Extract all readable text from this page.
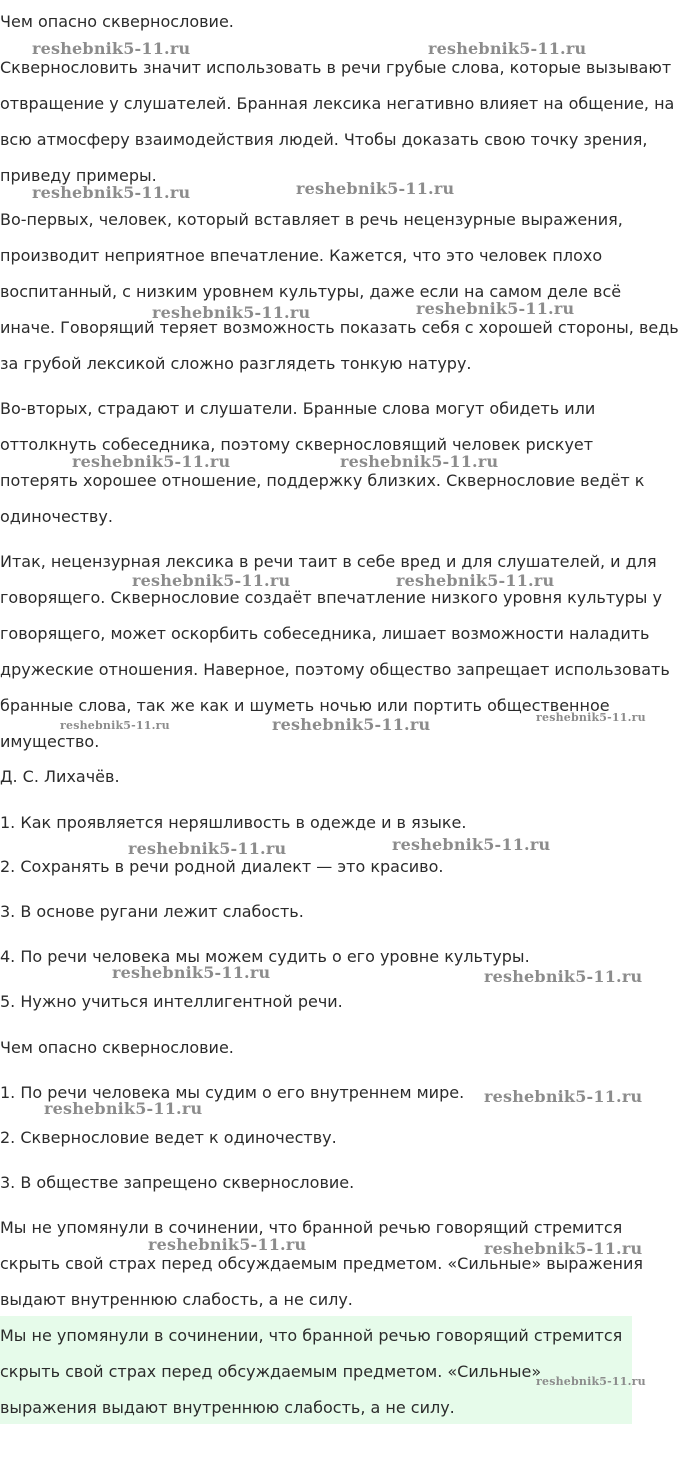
Чем опасно сквернословие.
Сквернословить значит использовать в речи грубые слова, которые вызывают
отвращение у слушателей. Бранная лексика негативно влияет на общение, на
всю атмосферу взаимодействия людей. Чтобы доказать свою точку зрения,
приведу примеры.
Во-первых, человек, который вставляет в речь нецензурные выражения,
производит неприятное впечатление. Кажется, что это человек плохо
воспитанный, с низким уровнем культуры, даже если на самом деле всё
иначе. Говорящий теряет возможность показать себя с хорошей стороны, ведь
за грубой лексикой сложно разглядеть тонкую натуру.
Во-вторых, страдают и слушатели. Бранные слова могут обидеть или
оттолкнуть собеседника, поэтому сквернословящий человек рискует
потерять хорошее отношение, поддержку близких. Сквернословие ведёт к
одиночеству.
Итак, нецензурная лексика в речи таит в себе вред и для слушателей, и для
говорящего. Сквернословие создаёт впечатление низкого уровня культуры у
говорящего, может оскорбить собеседника, лишает возможности наладить
дружеские отношения. Наверное, поэтому общество запрещает использовать
бранные слова, так же как и шуметь ночью или портить общественное
имущество.
Д. С. Лихачёв.
1. Как проявляется неряшливость в одежде и в языке.
2. Сохранять в речи родной диалект — это красиво.
3. В основе ругани лежит слабость.
4. По речи человека мы можем судить о его уровне культуры.
5. Нужно учиться интеллигентной речи.
Чем опасно сквернословие.
1. По речи человека мы судим о его внутреннем мире.
2. Сквернословие ведет к одиночеству.
3. В обществе запрещено сквернословие.
Мы не упомянули в сочинении, что бранной речью говорящий стремится
скрыть свой страх перед обсуждаемым предметом. «Сильные» выражения
выдают внутреннюю слабость, а не силу.
Мы не упомянули в сочинении, что бранной речью говорящий стремится
скрыть свой страх перед обсуждаемым предметом. «Сильные»
выражения выдают внутреннюю слабость, а не силу.
reshebnik5-11.ru	reshebnik5-11.ru
reshebnik5-11.ru	reshebnik5-11.ru
reshebnik5-11.ru	reshebnik5-11.ru
reshebnik5-11.ru	reshebnik5-11.ru
reshebnik5-11.ru	reshebnik5-11.ru
reshebnik5-11.ru	reshebnik5-11.ru	reshebnik5-11.ru
reshebnik5-11.ru	reshebnik5-11.ru
reshebnik5-11.ru	reshebnik5-11.ru
reshebnik5-11.ru
reshebnik5-11.ru
reshebnik5-11.ru	reshebnik5-11.ru
reshebnik5-11.ru
